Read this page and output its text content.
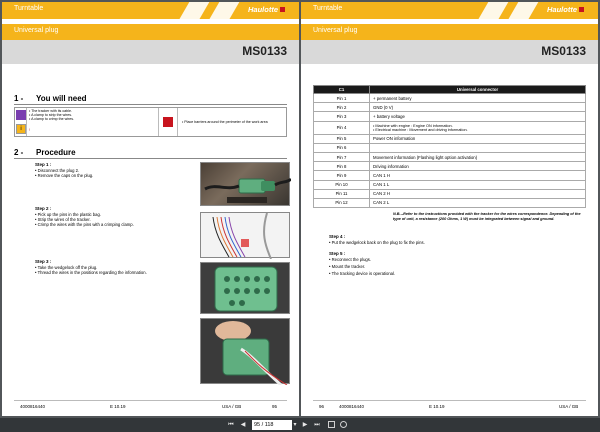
Turntable	Haulotte
Universal plug
MS0133
1 - You will need
i
• The tracker with its cable.
• A clamp to strip the wires.
• A clamp to crimp the wires.
!
• Place barriers around the perimeter of the work area
2 - Procedure
Step 1 :
• Disconnect the plug 2.
• Remove the caps on the plug.
Step 2 :
• Pick up the pins in the plastic bag.
• Strip the wires of the tracker.
• Crimp the wires with the pins with a crimping clamp.
Step 3 :
• Take the wedgelock off the plug.
• Thread the wires in the positions regarding the information.
4000816440	E 10.19	USA / GB	95
Turntable	Haulotte
Universal plug
MS0133
C1	Universal connector
Pin 1	+ permanent battery
Pin 2	GND (0 V)
Pin 3	+ battery voltage
Pin 4	• Machine with engine : Engine ON information.
• Electrical machine : Movement and driving information.

Pin 5	Power ON information
Pin 6	
Pin 7	Movement information (Flashing light option activation)
Pin 8	Driving information
Pin 9	CAN 1 H
Pin 10	CAN 1 L
Pin 11	CAN 2 H
Pin 12	CAN 2 L
N.B.--Refer to the instructions provided with the tracker for the wires correspondence. Depending of the type of unit, a resistance (200 Ohms, 1 W) must be integrated between signal and ground.
Step 4 :
• Put the wedgelock back on the plug to fix the pins.
Step 5 :
• Reconnect the plugs.
• Mount the tracker.
• The tracking device is operational.
96	4000816440	E 10.19	USA / GB
⏮	◀	95 / 118	▾	▶	⏭
